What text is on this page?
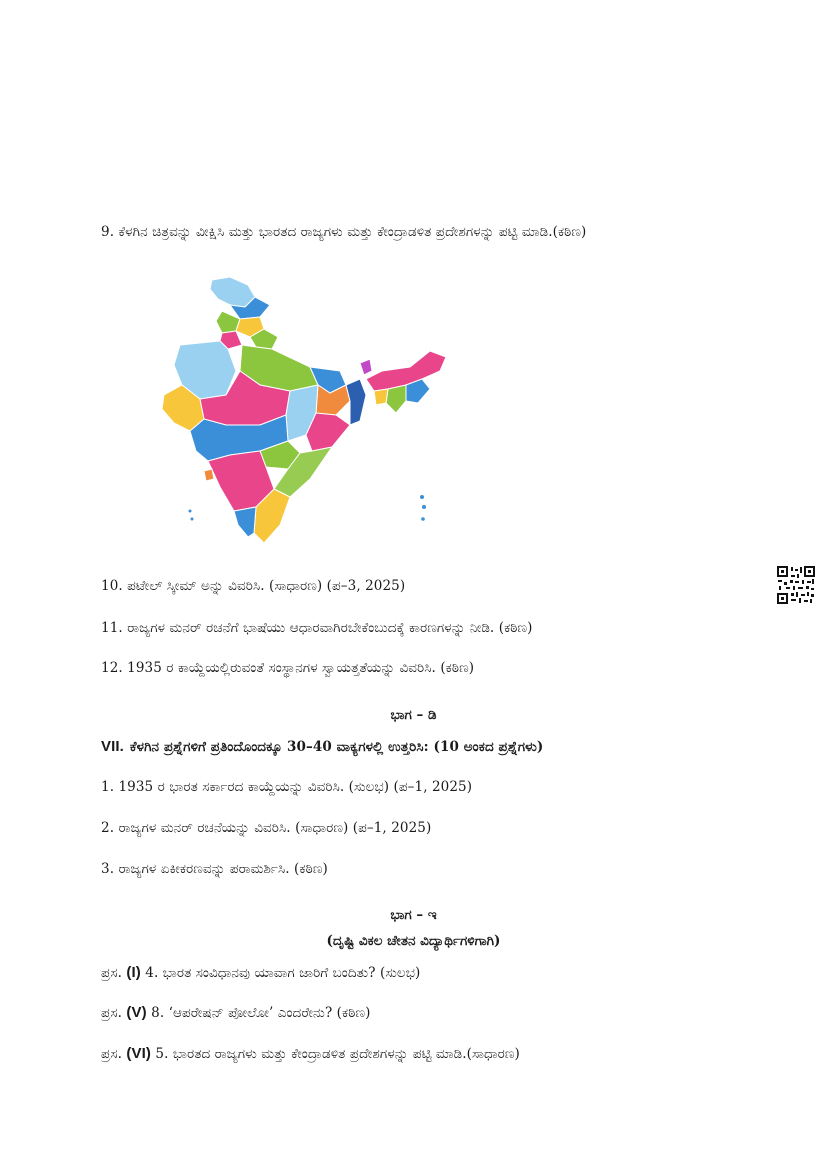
9. ಕೆಳಗಿನ ಚಿತ್ರವನ್ನು ವೀಕ್ಷಿಸಿ ಮತ್ತು ಭಾರತದ ರಾಜ್ಯಗಳು ಮತ್ತು ಕೇಂದ್ರಾಡಳಿತ ಪ್ರದೇಶಗಳನ್ನು ಪಟ್ಟಿ ಮಾಡಿ.(ಕಠಿಣ)
10. ಪಟೇಲ್ ಸ್ಕೀಮ್ ಅನ್ನು ವಿವರಿಸಿ. (ಸಾಧಾರಣ) (ಪ–3, 2025)
11. ರಾಜ್ಯಗಳ ಮನರ್ ರಚನೆಗೆ ಭಾಷೆಯು ಆಧಾರವಾಗಿರಬೇಕೆಂಬುದಕ್ಕೆ ಕಾರಣಗಳನ್ನು ನೀಡಿ. (ಕಠಿಣ)
12. 1935 ರ ಕಾಯ್ದೆಯಲ್ಲಿರುವಂತೆ ಸಂಸ್ಥಾನಗಳ ಸ್ವಾಯತ್ತತೆಯನ್ನು ವಿವರಿಸಿ. (ಕಠಿಣ)
ಭಾಗ – ಡಿ
VII. ಕೆಳಗಿನ ಪ್ರಶ್ನೆಗಳಿಗೆ ಪ್ರತಿಂದೊಂದಕ್ಕೂ 30–40 ವಾಕ್ಯಗಳಲ್ಲಿ ಉತ್ತರಿಸಿ: (10 ಅಂಕದ ಪ್ರಶ್ನೆಗಳು)
1. 1935 ರ ಭಾರತ ಸರ್ಕಾರದ ಕಾಯ್ದೆಯನ್ನು ವಿವರಿಸಿ. (ಸುಲಭ) (ಪ–1, 2025)
2. ರಾಜ್ಯಗಳ ಮನರ್ ರಚನೆಯನ್ನು ವಿವರಿಸಿ. (ಸಾಧಾರಣ) (ಪ–1, 2025)
3. ರಾಜ್ಯಗಳ ಏಕೀಕರಣವನ್ನು ಪರಾಮರ್ಶಿಸಿ. (ಕಠಿಣ)
ಭಾಗ – ಇ
(ದೃಷ್ಟಿ ವಿಕಲ ಚೇತನ ವಿದ್ಯಾರ್ಥಿಗಳಿಗಾಗಿ)
ಪ್ರಸ. (I) 4. ಭಾರತ ಸಂವಿಧಾನವು ಯಾವಾಗ ಜಾರಿಗೆ ಬಂದಿತು? (ಸುಲಭ)
ಪ್ರಸ. (V) 8. ‘ಆಪರೇಷನ್ ಪೋಲೋ’ ಎಂದರೇನು? (ಕಠಿಣ)
ಪ್ರಸ. (VI) 5. ಭಾರತದ ರಾಜ್ಯಗಳು ಮತ್ತು ಕೇಂದ್ರಾಡಳಿತ ಪ್ರದೇಶಗಳನ್ನು ಪಟ್ಟಿ ಮಾಡಿ.(ಸಾಧಾರಣ)
